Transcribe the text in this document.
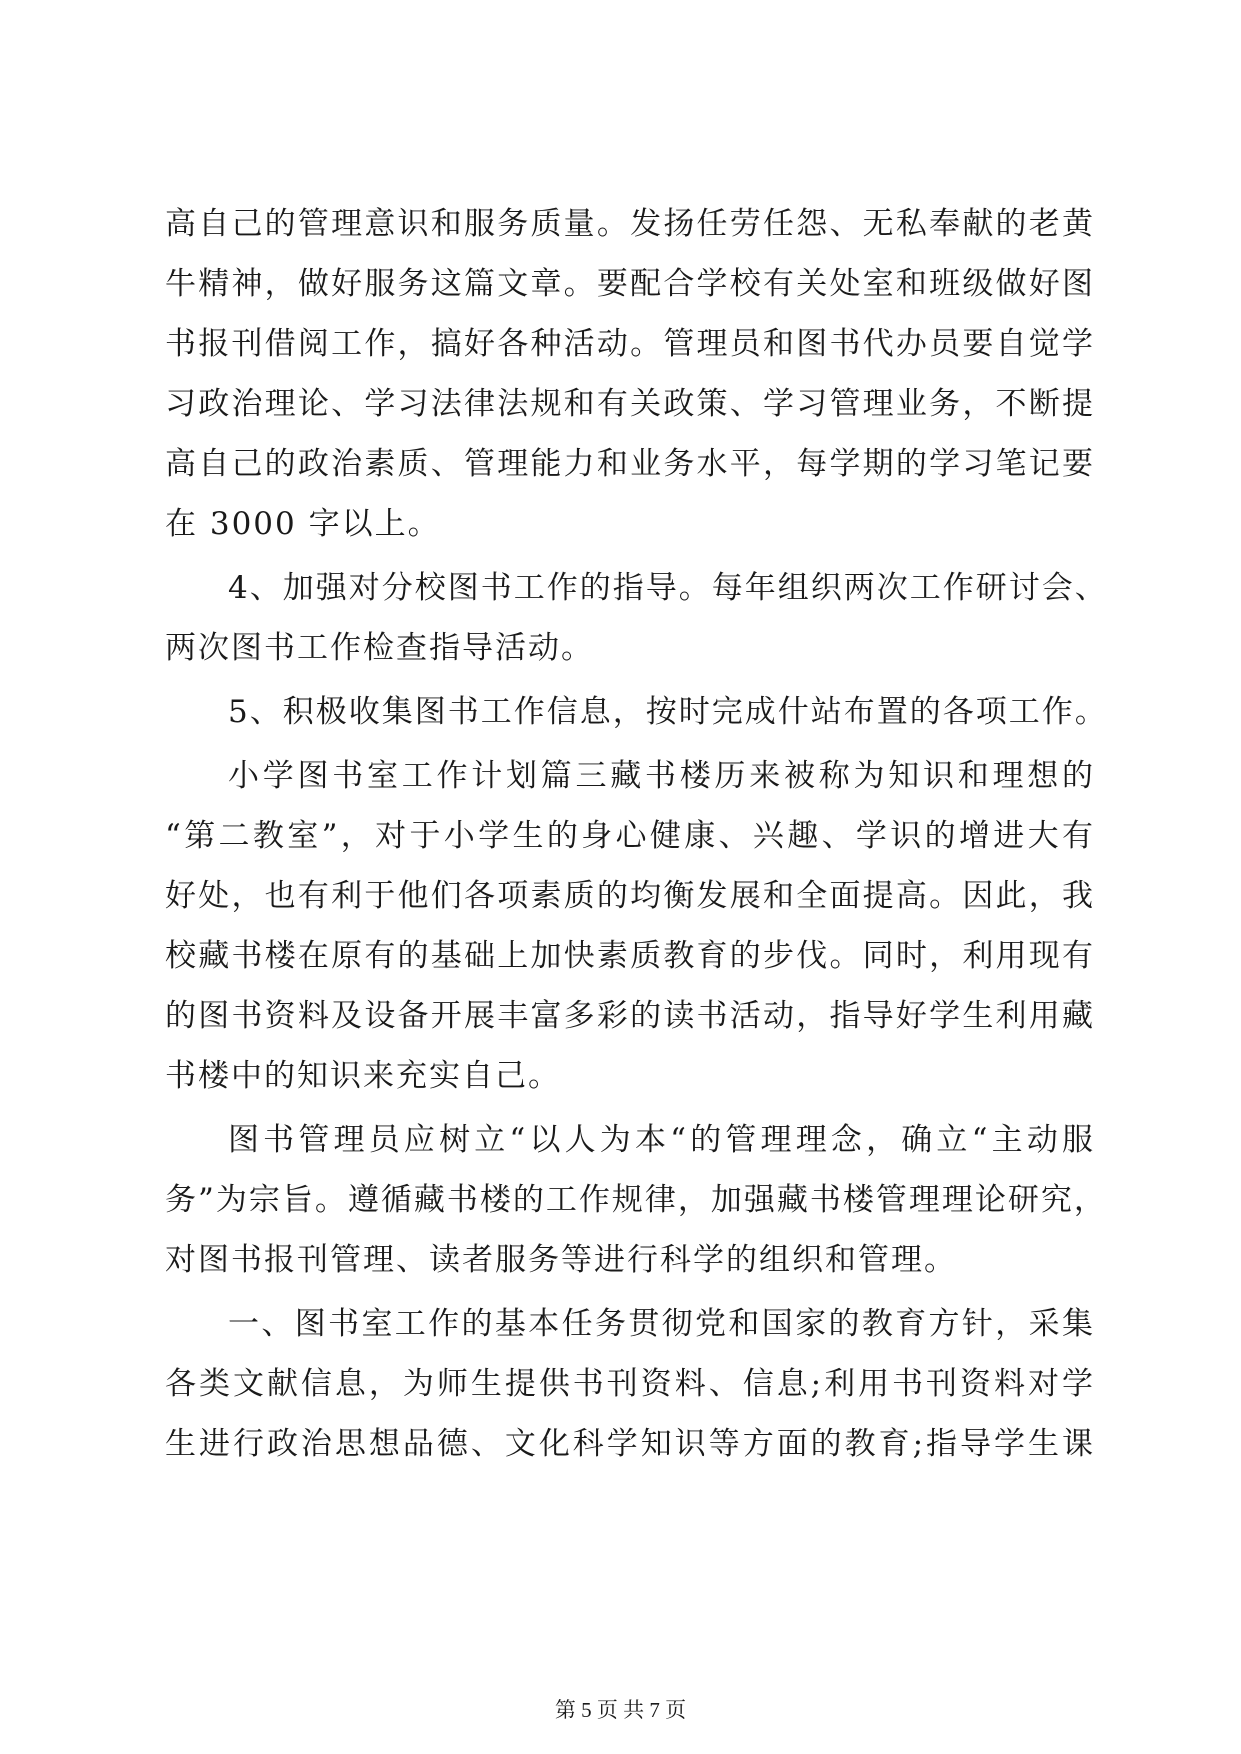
高自己的管理意识和服务质量。发扬任劳任怨、无私奉献的老黄
牛精神，做好服务这篇文章。要配合学校有关处室和班级做好图
书报刊借阅工作，搞好各种活动。管理员和图书代办员要自觉学
习政治理论、学习法律法规和有关政策、学习管理业务，不断提
高自己的政治素质、管理能力和业务水平，每学期的学习笔记要
在 3000 字以上。
4、加强对分校图书工作的指导。每年组织两次工作研讨会、
两次图书工作检查指导活动。
5、积极收集图书工作信息，按时完成什站布置的各项工作。
小学图书室工作计划篇三藏书楼历来被称为知识和理想的
“第二教室”，对于小学生的身心健康、兴趣、学识的增进大有
好处，也有利于他们各项素质的均衡发展和全面提高。因此，我
校藏书楼在原有的基础上加快素质教育的步伐。同时，利用现有
的图书资料及设备开展丰富多彩的读书活动，指导好学生利用藏
书楼中的知识来充实自己。
图书管理员应树立“以人为本“的管理理念，确立“主动服
务”为宗旨。遵循藏书楼的工作规律，加强藏书楼管理理论研究，
对图书报刊管理、读者服务等进行科学的组织和管理。
一、图书室工作的基本任务贯彻党和国家的教育方针，采集
各类文献信息，为师生提供书刊资料、信息;利用书刊资料对学
生进行政治思想品德、文化科学知识等方面的教育;指导学生课
第 5 页 共 7 页
